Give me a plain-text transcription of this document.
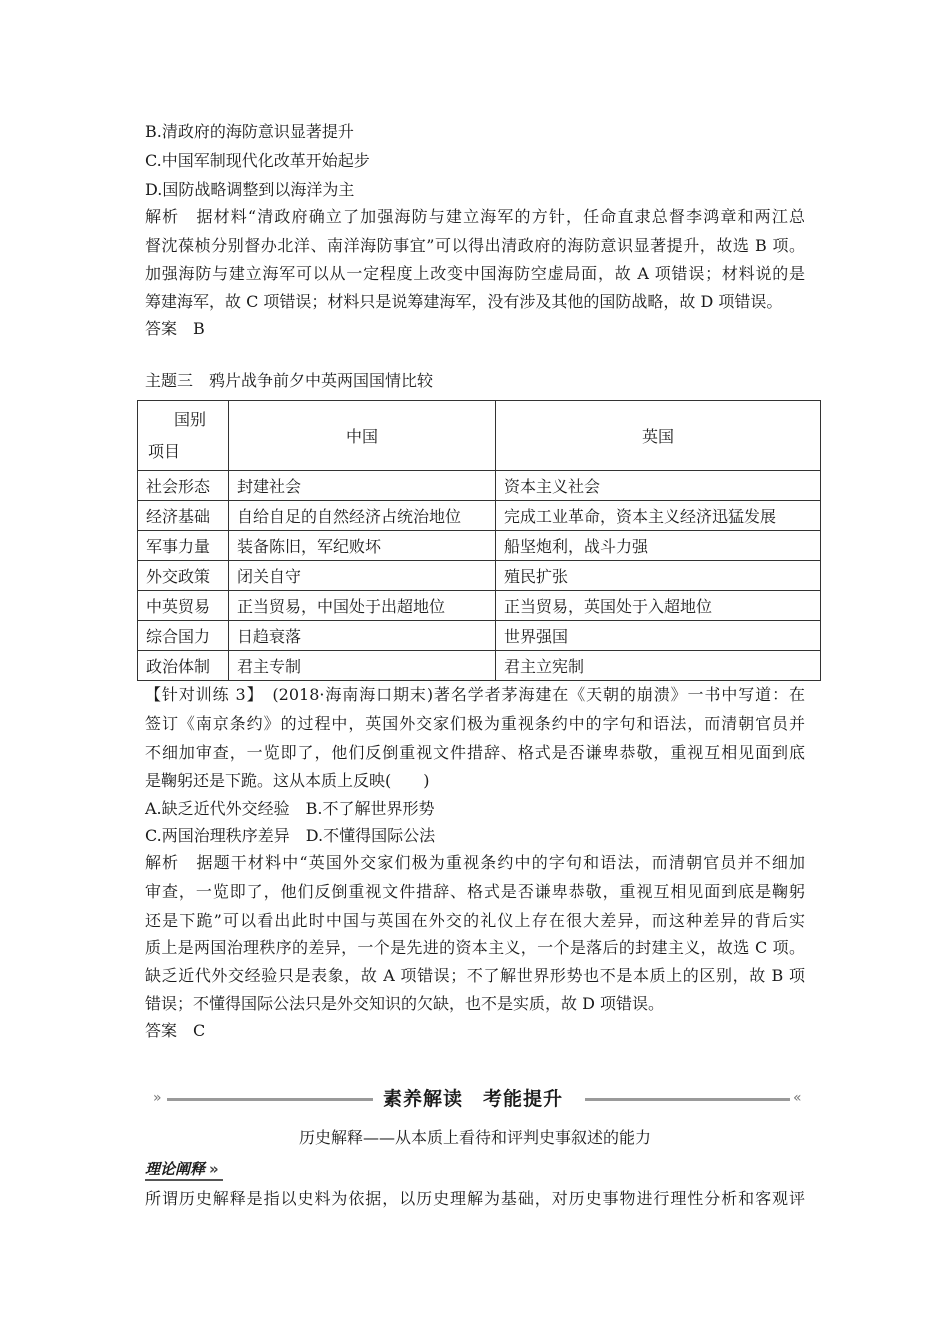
B.清政府的海防意识显著提升
C.中国军制现代化改革开始起步
D.国防战略调整到以海洋为主
解析　据材料“清政府确立了加强海防与建立海军的方针，任命直隶总督李鸿章和两江总
督沈葆桢分别督办北洋、南洋海防事宜”可以得出清政府的海防意识显著提升，故选 B 项。
加强海防与建立海军可以从一定程度上改变中国海防空虚局面，故 A 项错误；材料说的是
筹建海军，故 C 项错误；材料只是说筹建海军，没有涉及其他的国防战略，故 D 项错误。
答案　B
主题三　鸦片战争前夕中英两国国情比较
国别
项目	中国	英国
社会形态	封建社会	资本主义社会
经济基础	自给自足的自然经济占统治地位	完成工业革命，资本主义经济迅猛发展
军事力量	装备陈旧，军纪败坏	船坚炮利，战斗力强
外交政策	闭关自守	殖民扩张
中英贸易	正当贸易，中国处于出超地位	正当贸易，英国处于入超地位
综合国力	日趋衰落	世界强国
政治体制	君主专制	君主立宪制
【针对训练 3】　(2018·海南海口期末)著名学者茅海建在《天朝的崩溃》一书中写道：在
签订《南京条约》的过程中，英国外交家们极为重视条约中的字句和语法，而清朝官员并
不细加审查，一览即了，他们反倒重视文件措辞、格式是否谦卑恭敬，重视互相见面到底
是鞠躬还是下跪。这从本质上反映(　　)
A.缺乏近代外交经验　B.不了解世界形势
C.两国治理秩序差异　D.不懂得国际公法
解析　据题干材料中“英国外交家们极为重视条约中的字句和语法，而清朝官员并不细加
审查，一览即了，他们反倒重视文件措辞、格式是否谦卑恭敬，重视互相见面到底是鞠躬
还是下跪”可以看出此时中国与英国在外交的礼仪上存在很大差异，而这种差异的背后实
质上是两国治理秩序的差异，一个是先进的资本主义，一个是落后的封建主义，故选 C 项。
缺乏近代外交经验只是表象，故 A 项错误；不了解世界形势也不是本质上的区别，故 B 项
错误；不懂得国际公法只是外交知识的欠缺，也不是实质，故 D 项错误。
答案　C
»	«
素养解读　考能提升
历史解释——从本质上看待和评判史事叙述的能力
理论阐释 »
所谓历史解释是指以史料为依据，以历史理解为基础，对历史事物进行理性分析和客观评
